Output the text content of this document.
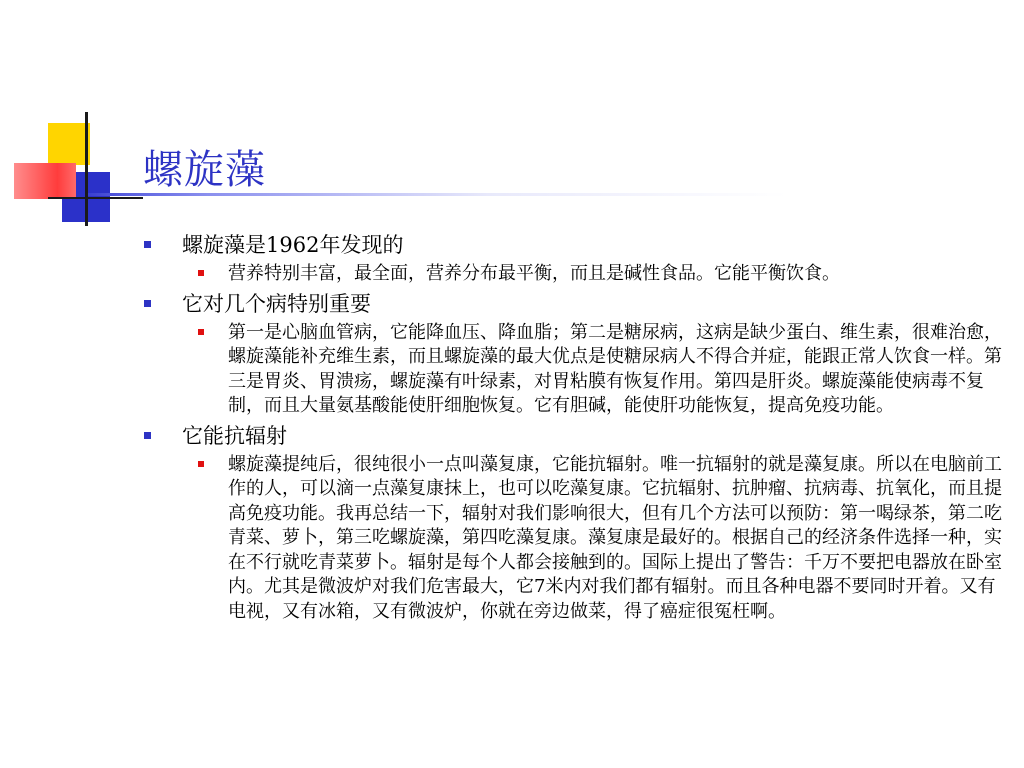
螺旋藻
螺旋藻是1962年发现的
营养特别丰富，最全面，营养分布最平衡，而且是碱性食品。它能平衡饮食。
它对几个病特别重要
第一是心脑血管病，它能降血压、降血脂；第二是糖尿病，这病是缺少蛋白、维生素，很难治愈，螺旋藻能补充维生素，而且螺旋藻的最大优点是使糖尿病人不得合并症，能跟正常人饮食一样。第三是胃炎、胃溃疡，螺旋藻有叶绿素，对胃粘膜有恢复作用。第四是肝炎。螺旋藻能使病毒不复制，而且大量氨基酸能使肝细胞恢复。它有胆碱，能使肝功能恢复，提高免疫功能。
它能抗辐射
螺旋藻提纯后，很纯很小一点叫藻复康，它能抗辐射。唯一抗辐射的就是藻复康。所以在电脑前工作的人，可以滴一点藻复康抹上，也可以吃藻复康。它抗辐射、抗肿瘤、抗病毒、抗氧化，而且提高免疫功能。我再总结一下，辐射对我们影响很大，但有几个方法可以预防：第一喝绿茶，第二吃青菜、萝卜，第三吃螺旋藻，第四吃藻复康。藻复康是最好的。根据自己的经济条件选择一种，实在不行就吃青菜萝卜。辐射是每个人都会接触到的。国际上提出了警告：千万不要把电器放在卧室内。尤其是微波炉对我们危害最大，它7米内对我们都有辐射。而且各种电器不要同时开着。又有电视，又有冰箱，又有微波炉，你就在旁边做菜，得了癌症很冤枉啊。
